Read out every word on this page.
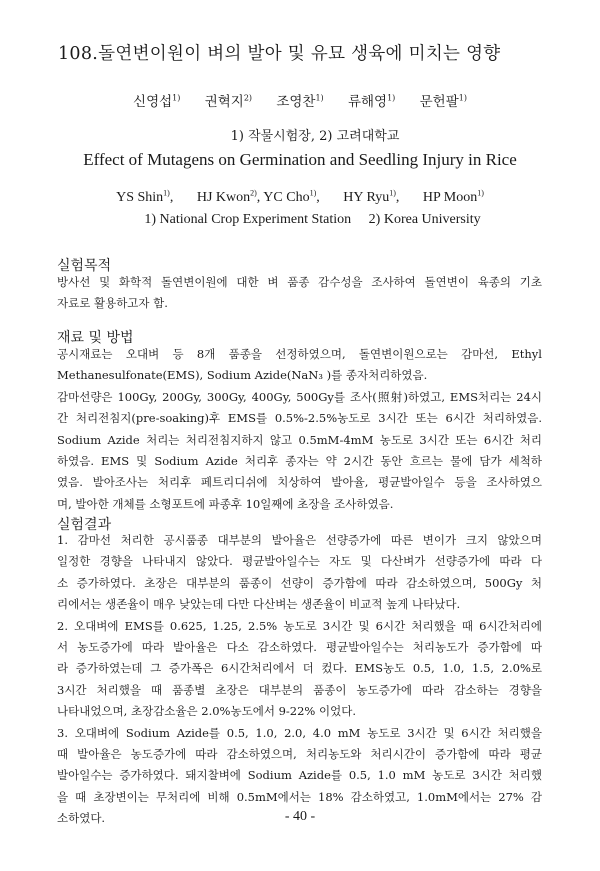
108.돌연변이원이 벼의 발아 및 유묘 생육에 미치는 영향
신영섭$^{1)}$ 권혁지$^{2)}$ 조영찬$^{1)}$ 류해영$^{1)}$ 문헌팔$^{1)}$
1) 작물시험장, 2) 고려대학교
Effect of Mutagens on Germination and Seedling Injury in Rice
YS Shin$^{1)}$, HJ Kwon$^{2)}$, YC Cho$^{1)}$, HY Ryu$^{1)}$, HP Moon$^{1)}$
1) National Crop Experiment Station     2) Korea University
실험목적
방사선 및 화학적 돌연변이원에 대한 벼 품종 감수성을 조사하여 돌연변이 육종의 기초
자료로 활용하고자 함.
재료 및 방법
공시재료는 오대벼 등 8개 품종을 선정하였으며, 돌연변이원으로는 감마선, Ethyl
Methanesulfonate(EMS), Sodium Azide(NaN₃ )를 종자처리하였음.
감마선량은 100Gy, 200Gy, 300Gy, 400Gy, 500Gy를 조사(照射)하였고, EMS처리는 24시
간 처리전침지(pre-soaking)후 EMS를 0.5%-2.5%농도로 3시간 또는 6시간 처리하였음.
Sodium Azide 처리는 처리전침지하지 않고 0.5mM-4mM 농도로 3시간 또는 6시간 처리
하였음. EMS 및 Sodium Azide 처리후 종자는 약 2시간 동안 흐르는 물에 담가 세척하
였음. 발아조사는 처리후 페트리디쉬에 치상하여 발아율, 평균발아일수 등을 조사하였으
며, 발아한 개체를 소형포트에 파종후 10일째에 초장을 조사하였음.
실험결과
1. 감마선 처리한 공시품종 대부분의 발아율은 선량증가에 따른 변이가 크지 않았으며
일정한 경향을 나타내지 않았다. 평균발아일수는 자도 및 다산벼가 선량증가에 따라 다
소 증가하였다. 초장은 대부분의 품종이 선량이 증가함에 따라 감소하였으며, 500Gy 처
리에서는 생존율이 매우 낮았는데 다만 다산벼는 생존율이 비교적 높게 나타났다.
2. 오대벼에 EMS를 0.625, 1.25, 2.5% 농도로 3시간 및 6시간 처리했을 때 6시간처리에
서 농도증가에 따라 발아율은 다소 감소하였다. 평균발아일수는 처리농도가 증가함에 따
라 증가하였는데 그 증가폭은 6시간처리에서 더 컸다. EMS농도 0.5, 1.0, 1.5, 2.0%로
3시간 처리했을 때 품종별 초장은 대부분의 품종이 농도증가에 따라 감소하는 경향을
나타내었으며, 초장감소율은 2.0%농도에서 9-22% 이었다.
3. 오대벼에 Sodium Azide를 0.5, 1.0, 2.0, 4.0 mM 농도로 3시간 및 6시간 처리했을
때 발아율은 농도증가에 따라 감소하였으며, 처리농도와 처리시간이 증가함에 따라 평균
발아일수는 증가하였다. 돼지찰벼에 Sodium Azide를 0.5, 1.0 mM 농도로 3시간 처리했
을 때 초장변이는 무처리에 비해 0.5mM에서는 18% 감소하였고, 1.0mM에서는 27% 감
소하였다.	- 40 -
